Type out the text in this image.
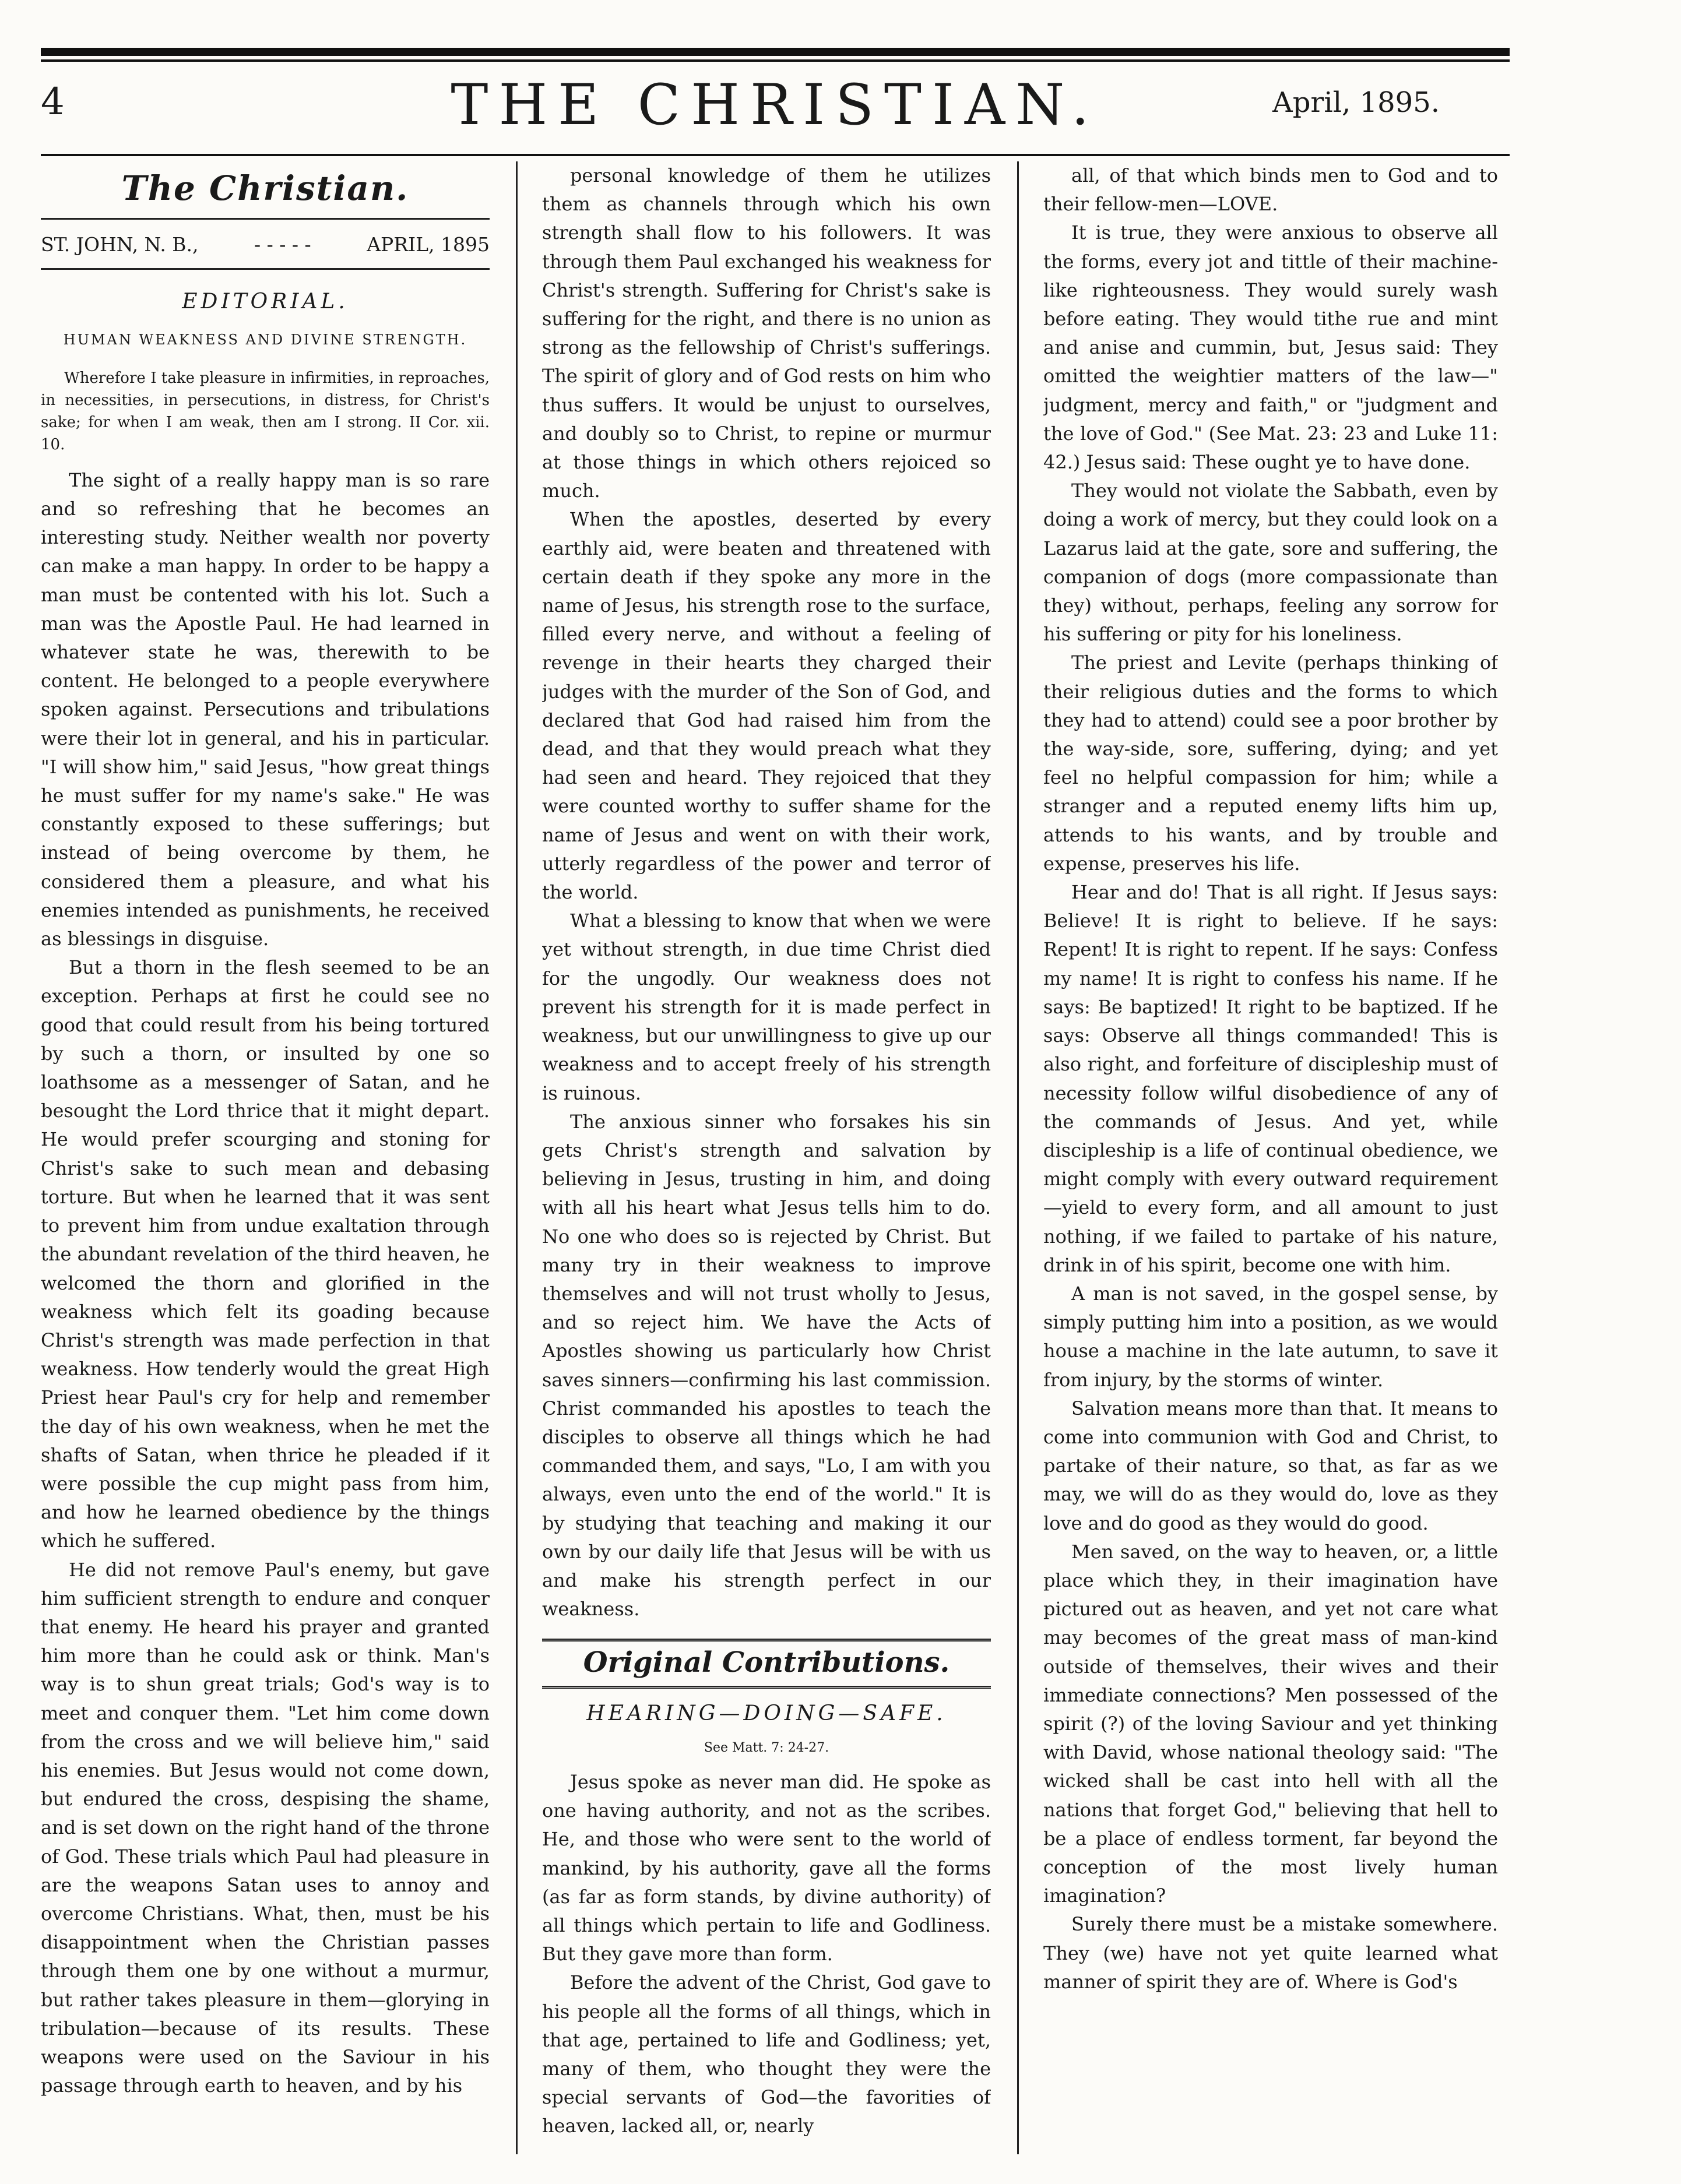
4	THE CHRISTIAN.	April, 1895.
The Christian.
ST. JOHN, N. B.,	- - - - -	APRIL, 1895
EDITORIAL.
HUMAN WEAKNESS AND DIVINE STRENGTH.

Wherefore I take pleasure in infirmities, in reproaches, in necessities, in persecutions, in distress, for Christ's sake; for when I am weak, then am I strong. II Cor. xii. 10.

The sight of a really happy man is so rare and so refreshing that he becomes an interesting study. Neither wealth nor poverty can make a man happy. In order to be happy a man must be contented with his lot. Such a man was the Apostle Paul. He had learned in whatever state he was, therewith to be content. He belonged to a people everywhere spoken against. Persecutions and tribulations were their lot in general, and his in particular. "I will show him," said Jesus, "how great things he must suffer for my name's sake." He was constantly exposed to these sufferings; but instead of being overcome by them, he considered them a pleasure, and what his enemies intended as punishments, he received as blessings in disguise.

But a thorn in the flesh seemed to be an exception. Perhaps at first he could see no good that could result from his being tortured by such a thorn, or insulted by one so loathsome as a messenger of Satan, and he besought the Lord thrice that it might depart. He would prefer scourging and stoning for Christ's sake to such mean and debasing torture. But when he learned that it was sent to prevent him from undue exaltation through the abundant revelation of the third heaven, he welcomed the thorn and glorified in the weakness which felt its goading because Christ's strength was made perfection in that weakness. How tenderly would the great High Priest hear Paul's cry for help and remember the day of his own weakness, when he met the shafts of Satan, when thrice he pleaded if it were possible the cup might pass from him, and how he learned obedience by the things which he suffered.

He did not remove Paul's enemy, but gave him sufficient strength to endure and conquer that enemy. He heard his prayer and granted him more than he could ask or think. Man's way is to shun great trials; God's way is to meet and conquer them. "Let him come down from the cross and we will believe him," said his enemies. But Jesus would not come down, but endured the cross, despising the shame, and is set down on the right hand of the throne of God. These trials which Paul had pleasure in are the weapons Satan uses to annoy and overcome Christians. What, then, must be his disappointment when the Christian passes through them one by one without a murmur, but rather takes pleasure in them—glorying in tribulation—because of its results. These weapons were used on the Saviour in his passage through earth to heaven, and by his

personal knowledge of them he utilizes them as channels through which his own strength shall flow to his followers. It was through them Paul exchanged his weakness for Christ's strength. Suffering for Christ's sake is suffering for the right, and there is no union as strong as the fellowship of Christ's sufferings. The spirit of glory and of God rests on him who thus suffers. It would be unjust to ourselves, and doubly so to Christ, to repine or murmur at those things in which others rejoiced so much.

When the apostles, deserted by every earthly aid, were beaten and threatened with certain death if they spoke any more in the name of Jesus, his strength rose to the surface, filled every nerve, and without a feeling of revenge in their hearts they charged their judges with the murder of the Son of God, and declared that God had raised him from the dead, and that they would preach what they had seen and heard. They rejoiced that they were counted worthy to suffer shame for the name of Jesus and went on with their work, utterly regardless of the power and terror of the world.

What a blessing to know that when we were yet without strength, in due time Christ died for the ungodly. Our weakness does not prevent his strength for it is made perfect in weakness, but our unwillingness to give up our weakness and to accept freely of his strength is ruinous.

The anxious sinner who forsakes his sin gets Christ's strength and salvation by believing in Jesus, trusting in him, and doing with all his heart what Jesus tells him to do. No one who does so is rejected by Christ. But many try in their weakness to improve themselves and will not trust wholly to Jesus, and so reject him. We have the Acts of Apostles showing us particularly how Christ saves sinners—confirming his last commission. Christ commanded his apostles to teach the disciples to observe all things which he had commanded them, and says, "Lo, I am with you always, even unto the end of the world." It is by studying that teaching and making it our own by our daily life that Jesus will be with us and make his strength perfect in our weakness.

Original Contributions.
HEARING—DOING—SAFE.
See Matt. 7: 24-27.

Jesus spoke as never man did. He spoke as one having authority, and not as the scribes. He, and those who were sent to the world of mankind, by his authority, gave all the forms (as far as form stands, by divine authority) of all things which pertain to life and Godliness. But they gave more than form.

Before the advent of the Christ, God gave to his people all the forms of all things, which in that age, pertained to life and Godliness; yet, many of them, who thought they were the special servants of God—the favorities of heaven, lacked all, or, nearly

all, of that which binds men to God and to their fellow-men—LOVE.

It is true, they were anxious to observe all the forms, every jot and tittle of their machine-like righteousness. They would surely wash before eating. They would tithe rue and mint and anise and cummin, but, Jesus said: They omitted the weightier matters of the law—" judgment, mercy and faith," or "judgment and the love of God." (See Mat. 23: 23 and Luke 11: 42.) Jesus said: These ought ye to have done.

They would not violate the Sabbath, even by doing a work of mercy, but they could look on a Lazarus laid at the gate, sore and suffering, the companion of dogs (more compassionate than they) without, perhaps, feeling any sorrow for his suffering or pity for his loneliness.

The priest and Levite (perhaps thinking of their religious duties and the forms to which they had to attend) could see a poor brother by the way-side, sore, suffering, dying; and yet feel no helpful compassion for him; while a stranger and a reputed enemy lifts him up, attends to his wants, and by trouble and expense, preserves his life.

Hear and do! That is all right. If Jesus says: Believe! It is right to believe. If he says: Repent! It is right to repent. If he says: Confess my name! It is right to confess his name. If he says: Be baptized! It right to be baptized. If he says: Observe all things commanded! This is also right, and forfeiture of discipleship must of necessity follow wilful disobedience of any of the commands of Jesus. And yet, while discipleship is a life of continual obedience, we might comply with every outward requirement—yield to every form, and all amount to just nothing, if we failed to partake of his nature, drink in of his spirit, become one with him.

A man is not saved, in the gospel sense, by simply putting him into a position, as we would house a machine in the late autumn, to save it from injury, by the storms of winter.

Salvation means more than that. It means to come into communion with God and Christ, to partake of their nature, so that, as far as we may, we will do as they would do, love as they love and do good as they would do good.

Men saved, on the way to heaven, or, a little place which they, in their imagination have pictured out as heaven, and yet not care what may becomes of the great mass of man-kind outside of themselves, their wives and their immediate connections? Men possessed of the spirit (?) of the loving Saviour and yet thinking with David, whose national theology said: "The wicked shall be cast into hell with all the nations that forget God," believing that hell to be a place of endless torment, far beyond the conception of the most lively human imagination?

Surely there must be a mistake somewhere. They (we) have not yet quite learned what manner of spirit they are of. Where is God's
